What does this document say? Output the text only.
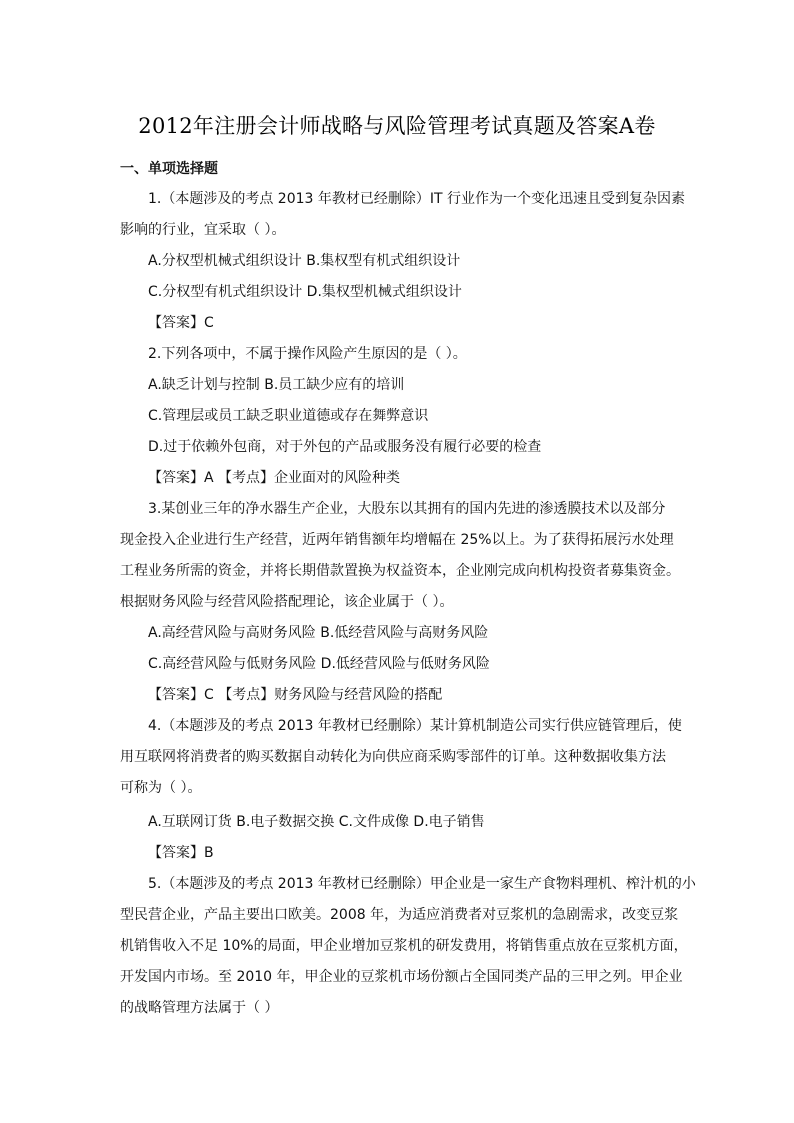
2012年注册会计师战略与风险管理考试真题及答案A卷
一、单项选择题
1.（本题涉及的考点 2013 年教材已经删除）IT 行业作为一个变化迅速且受到复杂因素
影响的行业，宜采取（ ）。
A.分权型机械式组织设计 B.集权型有机式组织设计
C.分权型有机式组织设计 D.集权型机械式组织设计
【答案】C
2.下列各项中，不属于操作风险产生原因的是（ ）。
A.缺乏计划与控制 B.员工缺少应有的培训
C.管理层或员工缺乏职业道德或存在舞弊意识
D.过于依赖外包商，对于外包的产品或服务没有履行必要的检查
【答案】A 【考点】企业面对的风险种类
3.某创业三年的净水器生产企业，大股东以其拥有的国内先进的渗透膜技术以及部分
现金投入企业进行生产经营，近两年销售额年均增幅在 25%以上。为了获得拓展污水处理
工程业务所需的资金，并将长期借款置换为权益资本，企业刚完成向机构投资者募集资金。
根据财务风险与经营风险搭配理论，该企业属于（ ）。
A.高经营风险与高财务风险 B.低经营风险与高财务风险
C.高经营风险与低财务风险 D.低经营风险与低财务风险
【答案】C 【考点】财务风险与经营风险的搭配
4.（本题涉及的考点 2013 年教材已经删除）某计算机制造公司实行供应链管理后，使
用互联网将消费者的购买数据自动转化为向供应商采购零部件的订单。这种数据收集方法
可称为（ ）。
A.互联网订货 B.电子数据交换 C.文件成像 D.电子销售
【答案】B
5.（本题涉及的考点 2013 年教材已经删除）甲企业是一家生产食物料理机、榨汁机的小
型民营企业，产品主要出口欧美。2008 年，为适应消费者对豆浆机的急剧需求，改变豆浆
机销售收入不足 10%的局面，甲企业增加豆浆机的研发费用，将销售重点放在豆浆机方面，
开发国内市场。至 2010 年，甲企业的豆浆机市场份额占全国同类产品的三甲之列。甲企业
的战略管理方法属于（ ）
